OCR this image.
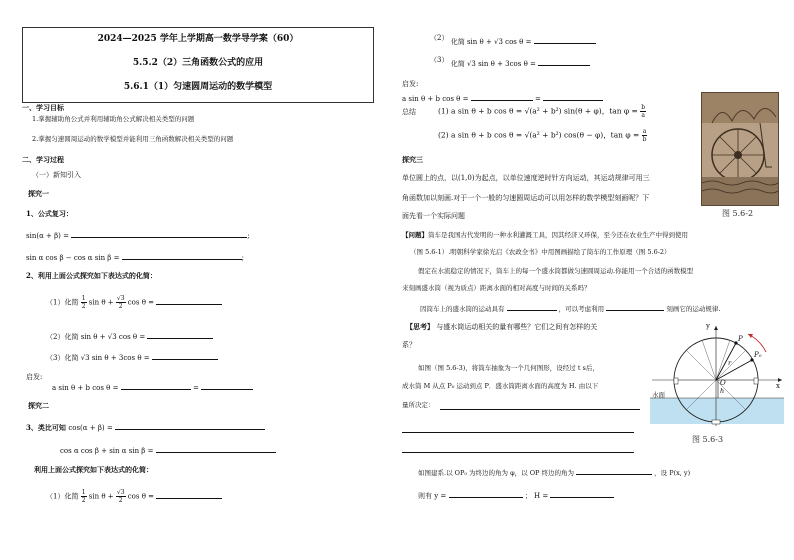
2024—2025 学年上学期高一数学导学案（60）
5.5.2（2）三角函数公式的应用
5.6.1（1）匀速圆周运动的数学模型
一、学习目标
1.掌握辅助角公式并利用辅助角公式解决相关类型的问题
2.掌握匀速圆周运动的数学模型并能利用三角函数解决相关类型的问题
二、学习过程
（一）新知引入
探究一
1、公式复习：
sin(α + β) =	;
sin α cos β − cos α sin β =	;
2、利用上面公式探究如下表达式的化简：
（1）化简 $\frac{1}{2}$ $\sin \theta + \frac{√3}{2}$ cos θ =
（2）化简 sin θ + √3 cos θ =
（3）化简 √3 sin θ + 3cos θ =
启发:
a sin θ + b cos θ =	=
探究二
3、类比可知 cos(α + β) =
cos α cos β + sin α sin β =
利用上面公式探究如下表达式的化简：
（1）化简 $\frac{1}{2}$ $\sin \theta + \frac{√3}{2}$ cos θ =
（2） 化简 sin θ + √3 cos θ =
（3） 化简 √3 sin θ + 3cos θ =
启发:
a sin θ + b cos θ =	=
总结	(1) a sin θ + b cos θ = √(a² + b²) sin(θ + φ)，$\tan \varphi = \frac{b}{a}$
(2) a sin θ + b cos θ = √(a² + b²) cos(θ − φ)，$\tan \varphi = \frac{a}{b}$
图 5.6-2
探究三
单位圆上的点，以(1,0)为起点，以单位速度逆时针方向运动，其运动规律可用三
角函数加以刻画.对于一个一般的匀速圆周运动可以用怎样的数学模型刻画呢？下
面先看一个实际问题
【问题】筒车是我国古代发明的一种水利灌溉工具，因其经济又环保，至今还在农业生产中得到使用
（图 5.6-1）.明朝科学家徐光启《农政全书》中用图画描绘了筒车的工作原理（图 5.6-2）
假定在水流稳定的情况下，筒车上的每一个盛水筒都做匀速圆周运动.你能用一个合适的函数模型
来刻画盛水筒（视为质点）距离水面的相对高度与时间的关系吗？
因筒车上的盛水筒的运动具有	，可以考虑利用	刻画它的运动规律.
【思考】 与盛水筒运动相关的量有哪些？它们之间有怎样的关
系？
如图（图 5.6-3)，将筒车抽象为一个几何图形，设经过 t s后，
成水筒 M 从点 P₀ 运动到点 P．盛水筒距离水面的高度为 H. 由以下
量所决定：
y
x
P
P₀
O
h
r
水面
图 5.6-3
如图建系.以 OP₀ 为终边的角为 φ，以 OP 终边的角为	，设 P(x, y)
则有 y =	； H =
